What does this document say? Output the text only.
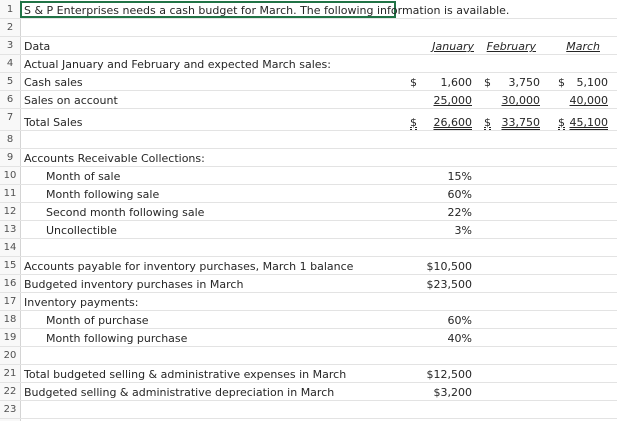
1
2
3
4
5
6
7
8
9
10
11
12
13
14
15
16
17
18
19
20
21
22
23
S & P Enterprises needs a cash budget for March. The following information is available.
Data	January February	March
Actual January and February and expected March sales:
Cash sales	$	1,600 $	3,750 $	5,100
Sales on account	25,000	30,000	40,000
Total Sales	$	26,600 $ 33,750 $ 45,100
Accounts Receivable Collections:
Month of sale	15%
Month following sale	60%
Second month following sale	22%
Uncollectible	3%
Accounts payable for inventory purchases, March 1 balance	$10,500
Budgeted inventory purchases in March	$23,500
Inventory payments:
Month of purchase	60%
Month following purchase	40%
Total budgeted selling & administrative expenses in March	$12,500
Budgeted selling & administrative depreciation in March	$3,200
